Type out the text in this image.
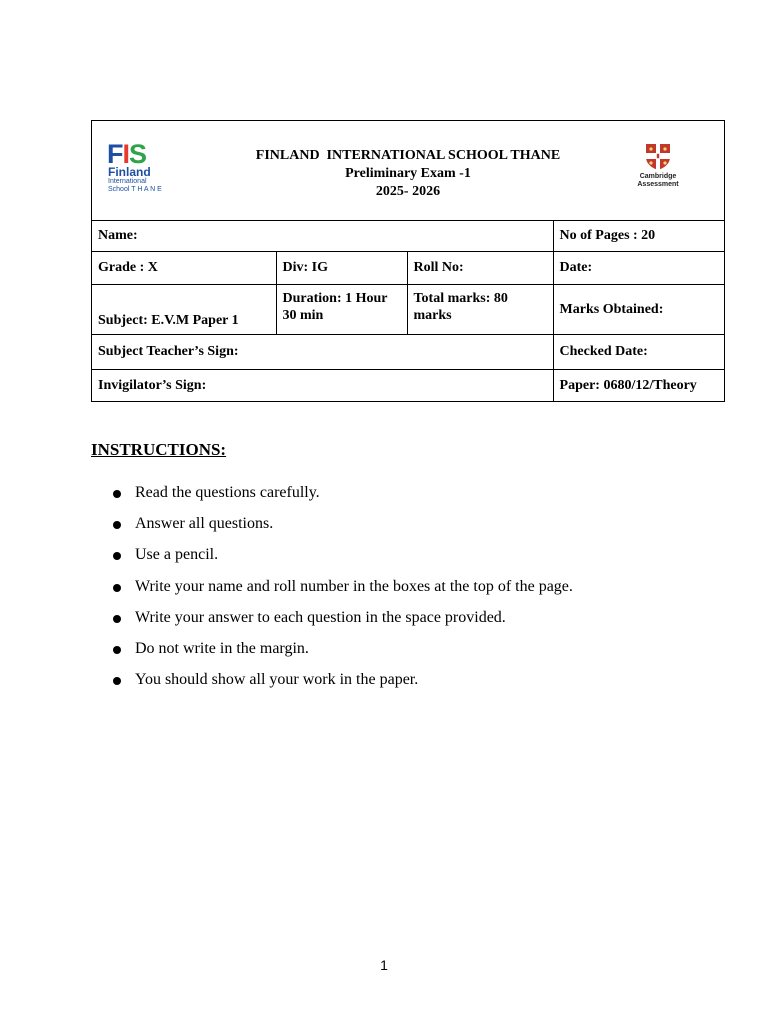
FIS
Finland
International School T H A N E
FINLAND  INTERNATIONAL SCHOOL THANE
Preliminary Exam -1
2025- 2026
Cambridge
Assessment
Name:			No of Pages : 20
Grade : X	Div: IG	Roll No:	Date:
Subject: E.V.M Paper 1	Duration: 1 Hour 30 min	Total marks: 80 marks	Marks Obtained:
Subject Teacher’s Sign:			Checked Date:
Invigilator’s Sign:			Paper: 0680/12/Theory
INSTRUCTIONS:
Read the questions carefully.
Answer all questions.
Use a pencil.
Write your name and roll number in the boxes at the top of the page.
Write your answer to each question in the space provided.
Do not write in the margin.
You should show all your work in the paper.
1
